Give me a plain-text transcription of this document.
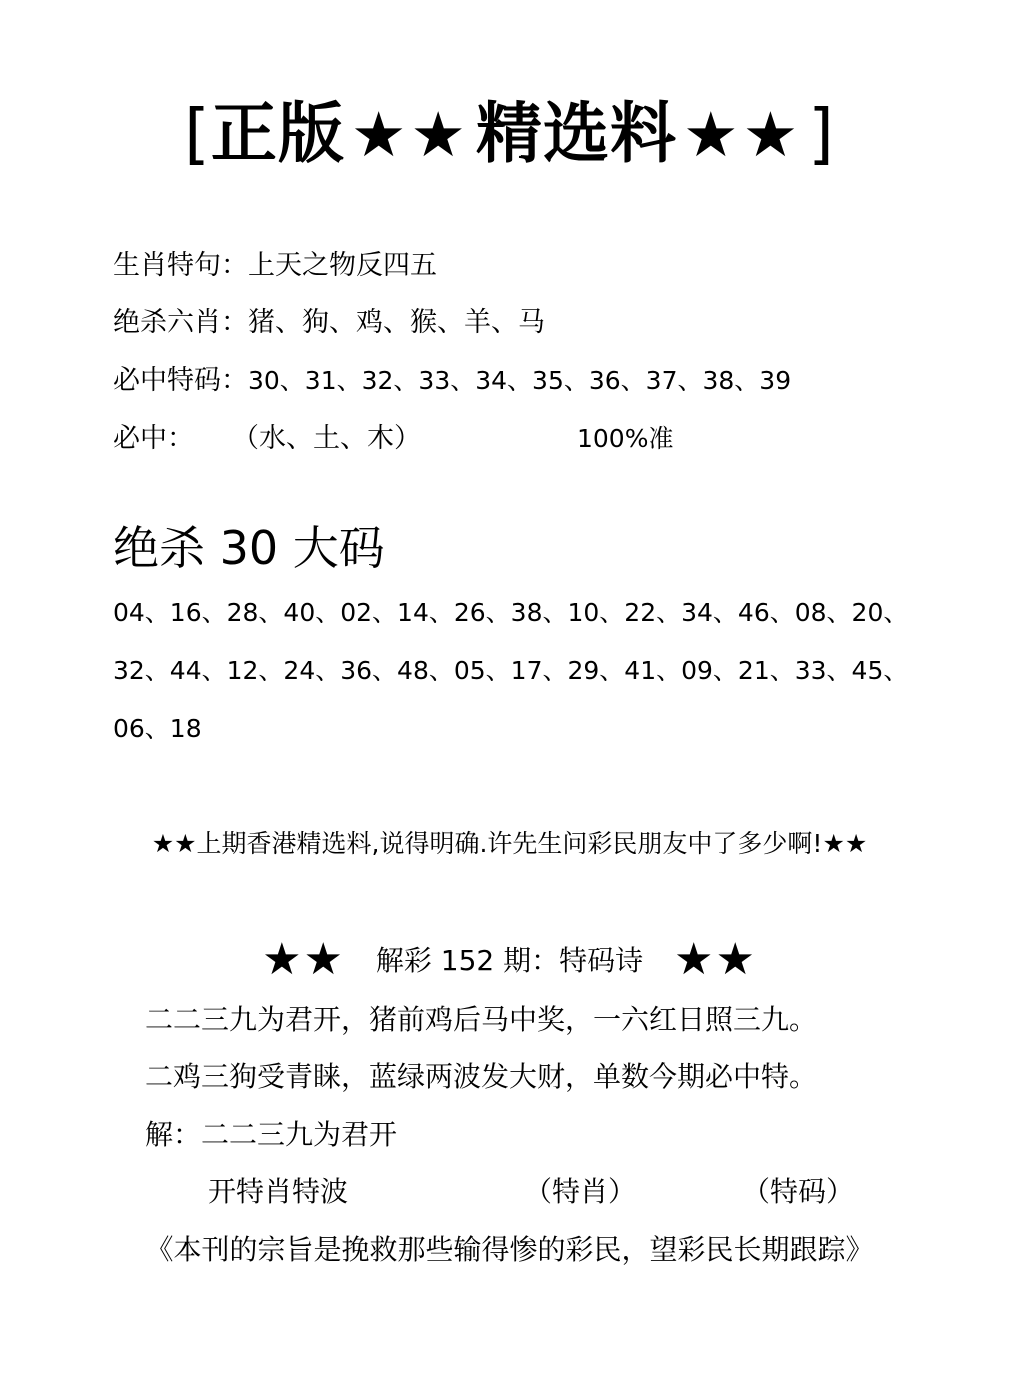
[正版★★精选料★★]
生肖特句：上天之物反四五
绝杀六肖：猪、狗、鸡、猴、羊、马
必中特码：30、31、32、33、34、35、36、37、38、39
必中： （水、土、木）	100%准
绝杀 30 大码
04、16、28、40、02、14、26、38、10、22、34、46、08、20、
32、44、12、24、36、48、05、17、29、41、09、21、33、45、
06、18
★★上期香港精选料,说得明确.许先生问彩民朋友中了多少啊!★★
★★ 解彩 152 期：特码诗 ★★
二二三九为君开，猪前鸡后马中奖，一六红日照三九。
二鸡三狗受青睐，蓝绿两波发大财，单数今期必中特。
解：二二三九为君开
开特肖特波	（特肖）	（特码）
《本刊的宗旨是挽救那些输得惨的彩民，望彩民长期跟踪》
